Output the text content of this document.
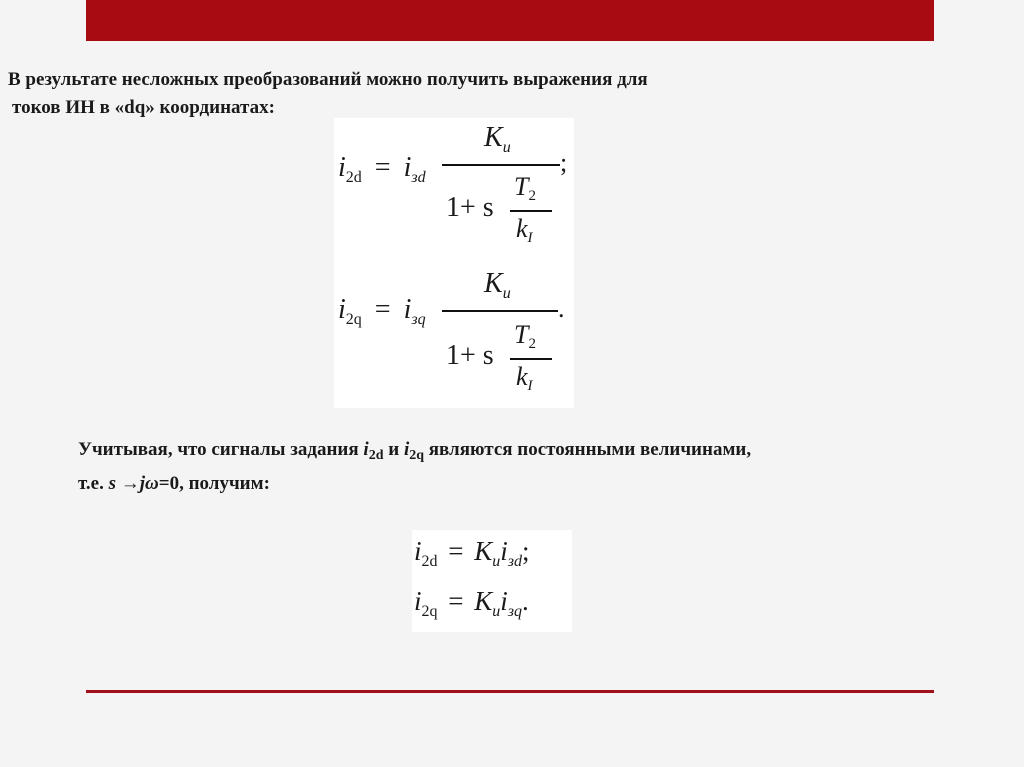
В результате несложных преобразований можно получить выражения для
токов ИН в «dq» координатах:
$i_{2d} = i_{зd}$
$K_u$
;
1+ s
T2
kI
$i_{2q} = i_{зq}$
$K_u$
.
1+ s
T2
kI
Учитывая, что сигналы задания $i_{2d}$ и $i_{2q}$ являются постоянными величинами,
т.е. s →jω=0, получим:
$i_{2d} = K_ui_{зd}$;
$i_{2q} = K_ui_{зq}$.
